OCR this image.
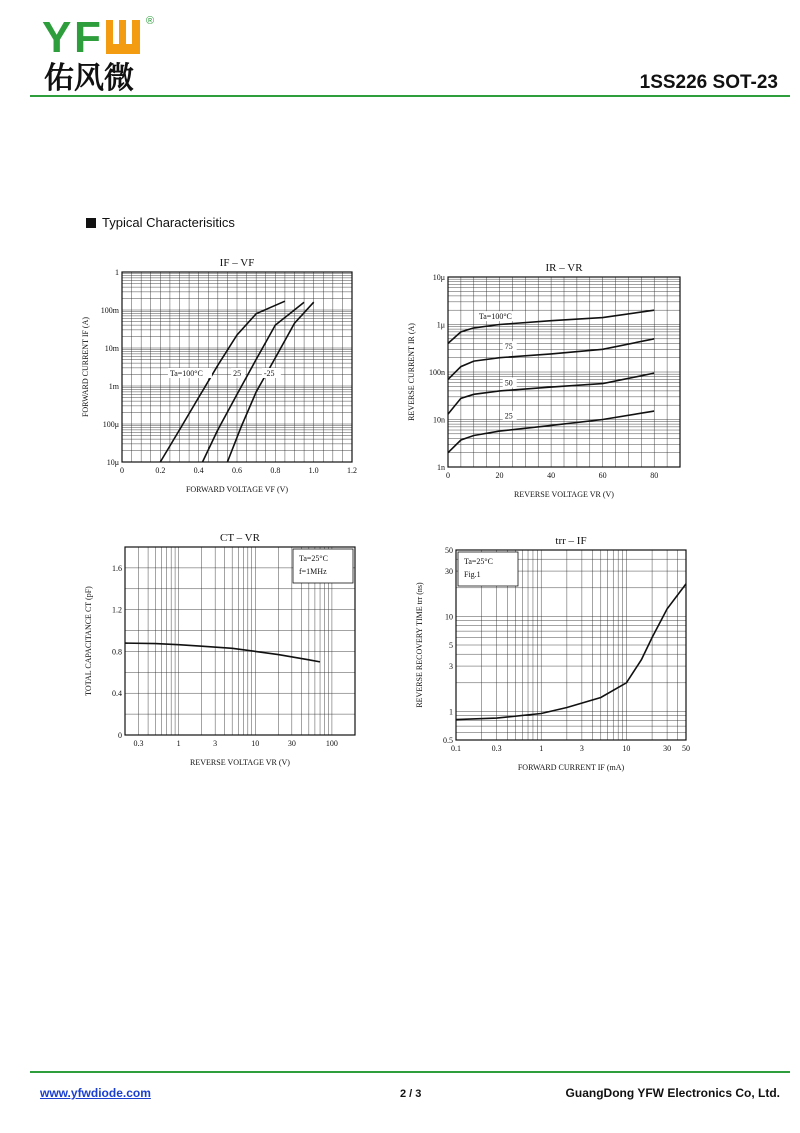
Y F	®
佑风微	1SS226 SOT-23
Typical Characterisitics
0	0.2	0.4	0.6	0.8	1.0	1.2
10μ
100μ
1m
10m
100m
1
IF – VF
FORWARD VOLTAGE VF (V)
FORWARD CURRENT IF (A)	Ta=100°C	25	-25
0	20	40	60	80
1n
10n
100n
1μ
10μ
IR – VR
REVERSE VOLTAGE VR (V)
REVERSE CURRENT IR (A)
Ta=100°C
75
50
25
0.3	1	3	10	30	100
0
0.4
0.8
1.2
1.6
CT – VR
REVERSE VOLTAGE VR (V)
TOTAL CAPACITANCE CT (pF)
Ta=25°C
f=1MHz
0.1	0.3	1	3	10	30 50
0.5
1
3
5
10
30
50
trr – IF
FORWARD CURRENT IF (mA)
REVERSE RECOVERY TIME trr (ns)
Ta=25°C
Fig.1
www.yfwdiode.com	2 / 3	GuangDong YFW Electronics Co, Ltd.
